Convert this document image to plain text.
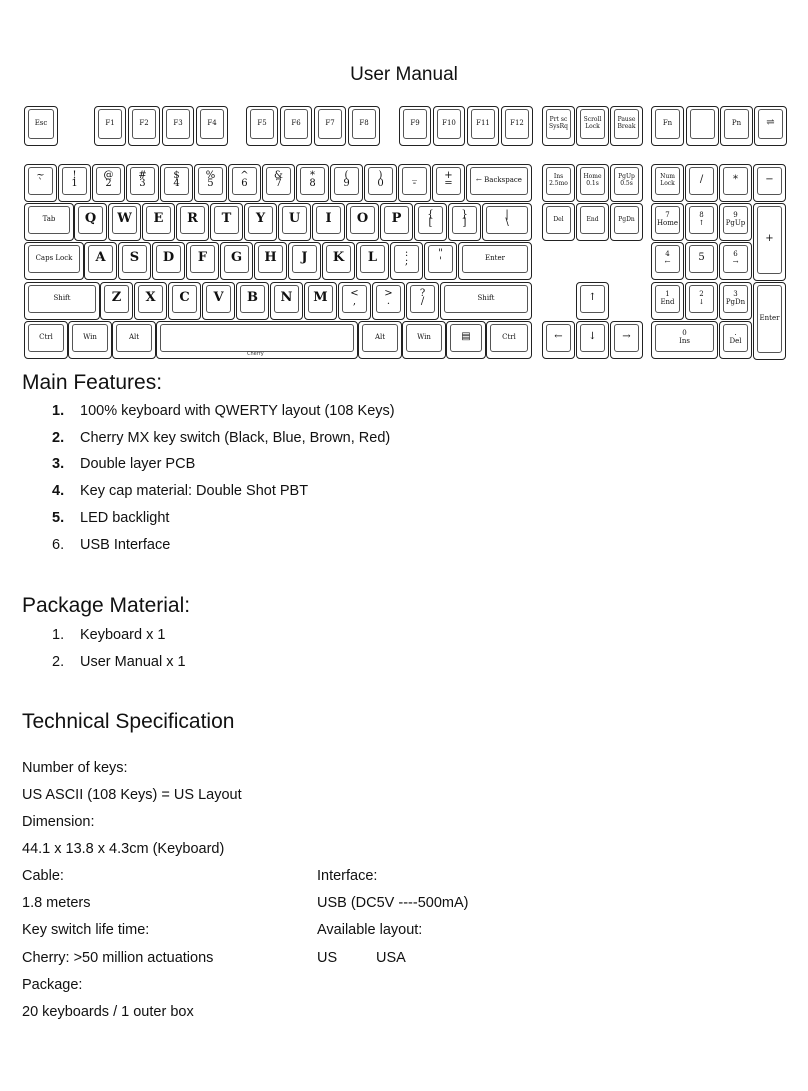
User Manual
Esc	F1	F2	F3	F4	F5	F6	F7	F8	F9	F10	F11	F12	Prt sc
SysRq
Scroll
Lock
Pause
Break	Fn	Pn	⇌
~
`
!
1
@
2
#
3
$
4
%
5
^
6
&
7
*
8
(
9
)
0
_
-
+
=	← Backspace
Tab	Q	W	E	R	T	Y	U	I	O	P	{
[
}
]
|
\
Caps Lock	A	S	D	F	G	H	J	K	L	:
;
"
'	Enter
Shift	Z	X	C	V	B	N	M	<
,
>
.
?
/	Shift
Ctrl	Win	Alt	Alt	Win	▤	Ctrl
Cherry
Ins
2.5mo
Home
0.1s
PgUp
0.5s
Del	End	PgDn
↑
←	↓	→
Num
Lock	/	*	−
7
Home
8
↑
9
PgUp
+
4
←	5	6
→
1
End
2
↓
3
PgDn
Enter
0
Ins
.
Del
Main Features:
1.	100% keyboard with QWERTY layout (108 Keys)
2.	Cherry MX key switch (Black, Blue, Brown, Red)
3.	Double layer PCB
4.	Key cap material: Double Shot PBT
5.	LED backlight
6.	USB Interface
Package Material:
1.	Keyboard x 1
2.	User Manual x 1
Technical Specification
Number of keys:
US ASCII (108 Keys) = US Layout
Dimension:
44.1 x 13.8 x 4.3cm (Keyboard)
Cable:
1.8 meters
Interface:
USB (DC5V ----500mA)
Key switch life time:
Cherry: >50 million actuations
Available layout:
US	USA
Package:
20 keyboards / 1 outer box
